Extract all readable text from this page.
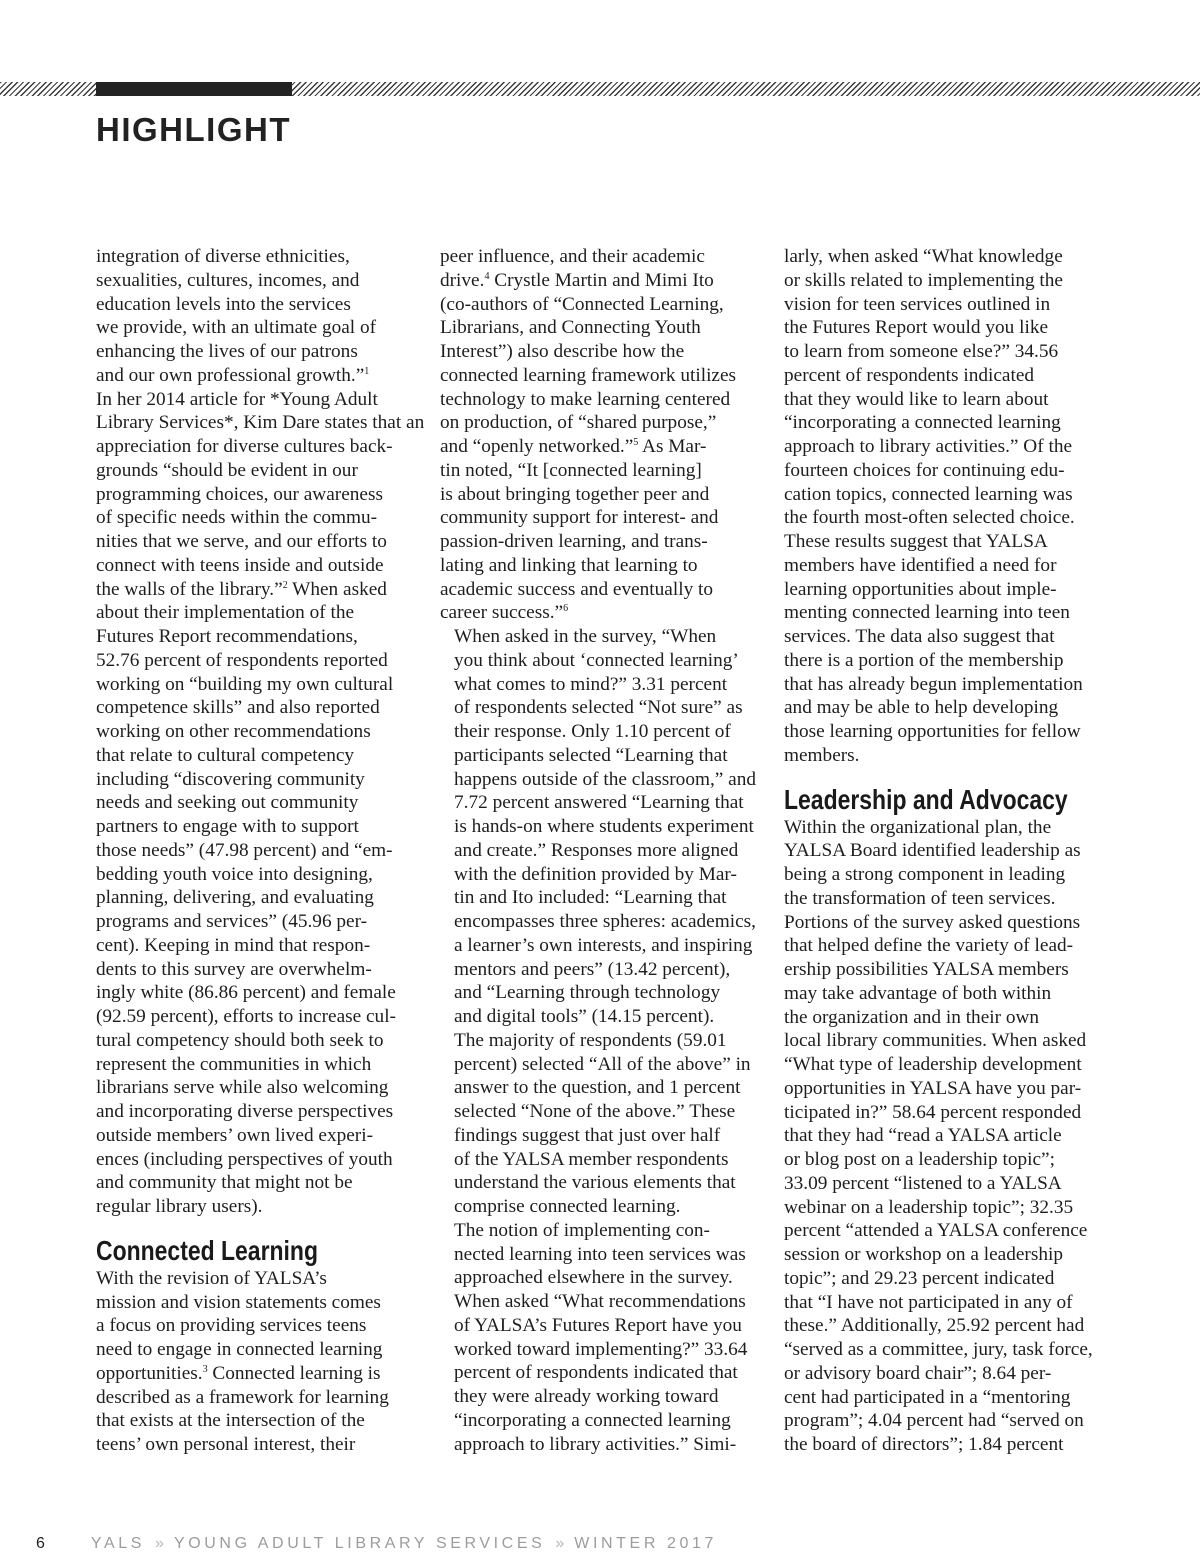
HIGHLIGHT

integration of diverse ethnicities,
sexualities, cultures, incomes, and
education levels into the services
we provide, with an ultimate goal of
enhancing the lives of our patrons
and our own professional growth.”$^1$
In her 2014 article for *Young Adult
Library Services*, Kim Dare states that an
appreciation for diverse cultures back-
grounds “should be evident in our
programming choices, our awareness
of specific needs within the commu-
nities that we serve, and our efforts to
connect with teens inside and outside
the walls of the library.”$^2$ When asked
about their implementation of the
Futures Report recommendations,
52.76 percent of respondents reported
working on “building my own cultural
competence skills” and also reported
working on other recommendations
that relate to cultural competency
including “discovering community
needs and seeking out community
partners to engage with to support
those needs” (47.98 percent) and “em-
bedding youth voice into designing,
planning, delivering, and evaluating
programs and services” (45.96 per-
cent). Keeping in mind that respon-
dents to this survey are overwhelm-
ingly white (86.86 percent) and female
(92.59 percent), efforts to increase cul-
tural competency should both seek to
represent the communities in which
librarians serve while also welcoming
and incorporating diverse perspectives
outside members’ own lived experi-
ences (including perspectives of youth
and community that might not be
regular library users).

Connected Learning

With the revision of YALSA’s
mission and vision statements comes
a focus on providing services teens
need to engage in connected learning
opportunities.$^3$ Connected learning is
described as a framework for learning
that exists at the intersection of the
teens’ own personal interest, their

peer influence, and their academic
drive.$^4$ Crystle Martin and Mimi Ito
(co-authors of “Connected Learning,
Librarians, and Connecting Youth
Interest”) also describe how the
connected learning framework utilizes
technology to make learning centered
on production, of “shared purpose,”
and “openly networked.”$^5$ As Mar-
tin noted, “It [connected learning]
is about bringing together peer and
community support for interest- and
passion-driven learning, and trans-
lating and linking that learning to
academic success and eventually to
career success.”$^6$

When asked in the survey, “When
you think about ‘connected learning’
what comes to mind?” 3.31 percent
of respondents selected “Not sure” as
their response. Only 1.10 percent of
participants selected “Learning that
happens outside of the classroom,” and
7.72 percent answered “Learning that
is hands-on where students experiment
and create.” Responses more aligned
with the definition provided by Mar-
tin and Ito included: “Learning that
encompasses three spheres: academics,
a learner’s own interests, and inspiring
mentors and peers” (13.42 percent),
and “Learning through technology
and digital tools” (14.15 percent).
The majority of respondents (59.01
percent) selected “All of the above” in
answer to the question, and 1 percent
selected “None of the above.” These
findings suggest that just over half
of the YALSA member respondents
understand the various elements that
comprise connected learning.
The notion of implementing con-
nected learning into teen services was
approached elsewhere in the survey.
When asked “What recommendations
of YALSA’s Futures Report have you
worked toward implementing?” 33.64
percent of respondents indicated that
they were already working toward
“incorporating a connected learning
approach to library activities.” Simi-

larly, when asked “What knowledge
or skills related to implementing the
vision for teen services outlined in
the Futures Report would you like
to learn from someone else?” 34.56
percent of respondents indicated
that they would like to learn about
“incorporating a connected learning
approach to library activities.” Of the
fourteen choices for continuing edu-
cation topics, connected learning was
the fourth most-often selected choice.
These results suggest that YALSA
members have identified a need for
learning opportunities about imple-
menting connected learning into teen
services. The data also suggest that
there is a portion of the membership
that has already begun implementation
and may be able to help developing
those learning opportunities for fellow
members.

Leadership and Advocacy

Within the organizational plan, the
YALSA Board identified leadership as
being a strong component in leading
the transformation of teen services.
Portions of the survey asked questions
that helped define the variety of lead-
ership possibilities YALSA members
may take advantage of both within
the organization and in their own
local library communities. When asked
“What type of leadership development
opportunities in YALSA have you par-
ticipated in?” 58.64 percent responded
that they had “read a YALSA article
or blog post on a leadership topic”;
33.09 percent “listened to a YALSA
webinar on a leadership topic”; 32.35
percent “attended a YALSA conference
session or workshop on a leadership
topic”; and 29.23 percent indicated
that “I have not participated in any of
these.” Additionally, 25.92 percent had
“served as a committee, jury, task force,
or advisory board chair”; 8.64 per-
cent had participated in a “mentoring
program”; 4.04 percent had “served on
the board of directors”; 1.84 percent

6	YALS » YOUNG ADULT LIBRARY SERVICES » WINTER 2017
